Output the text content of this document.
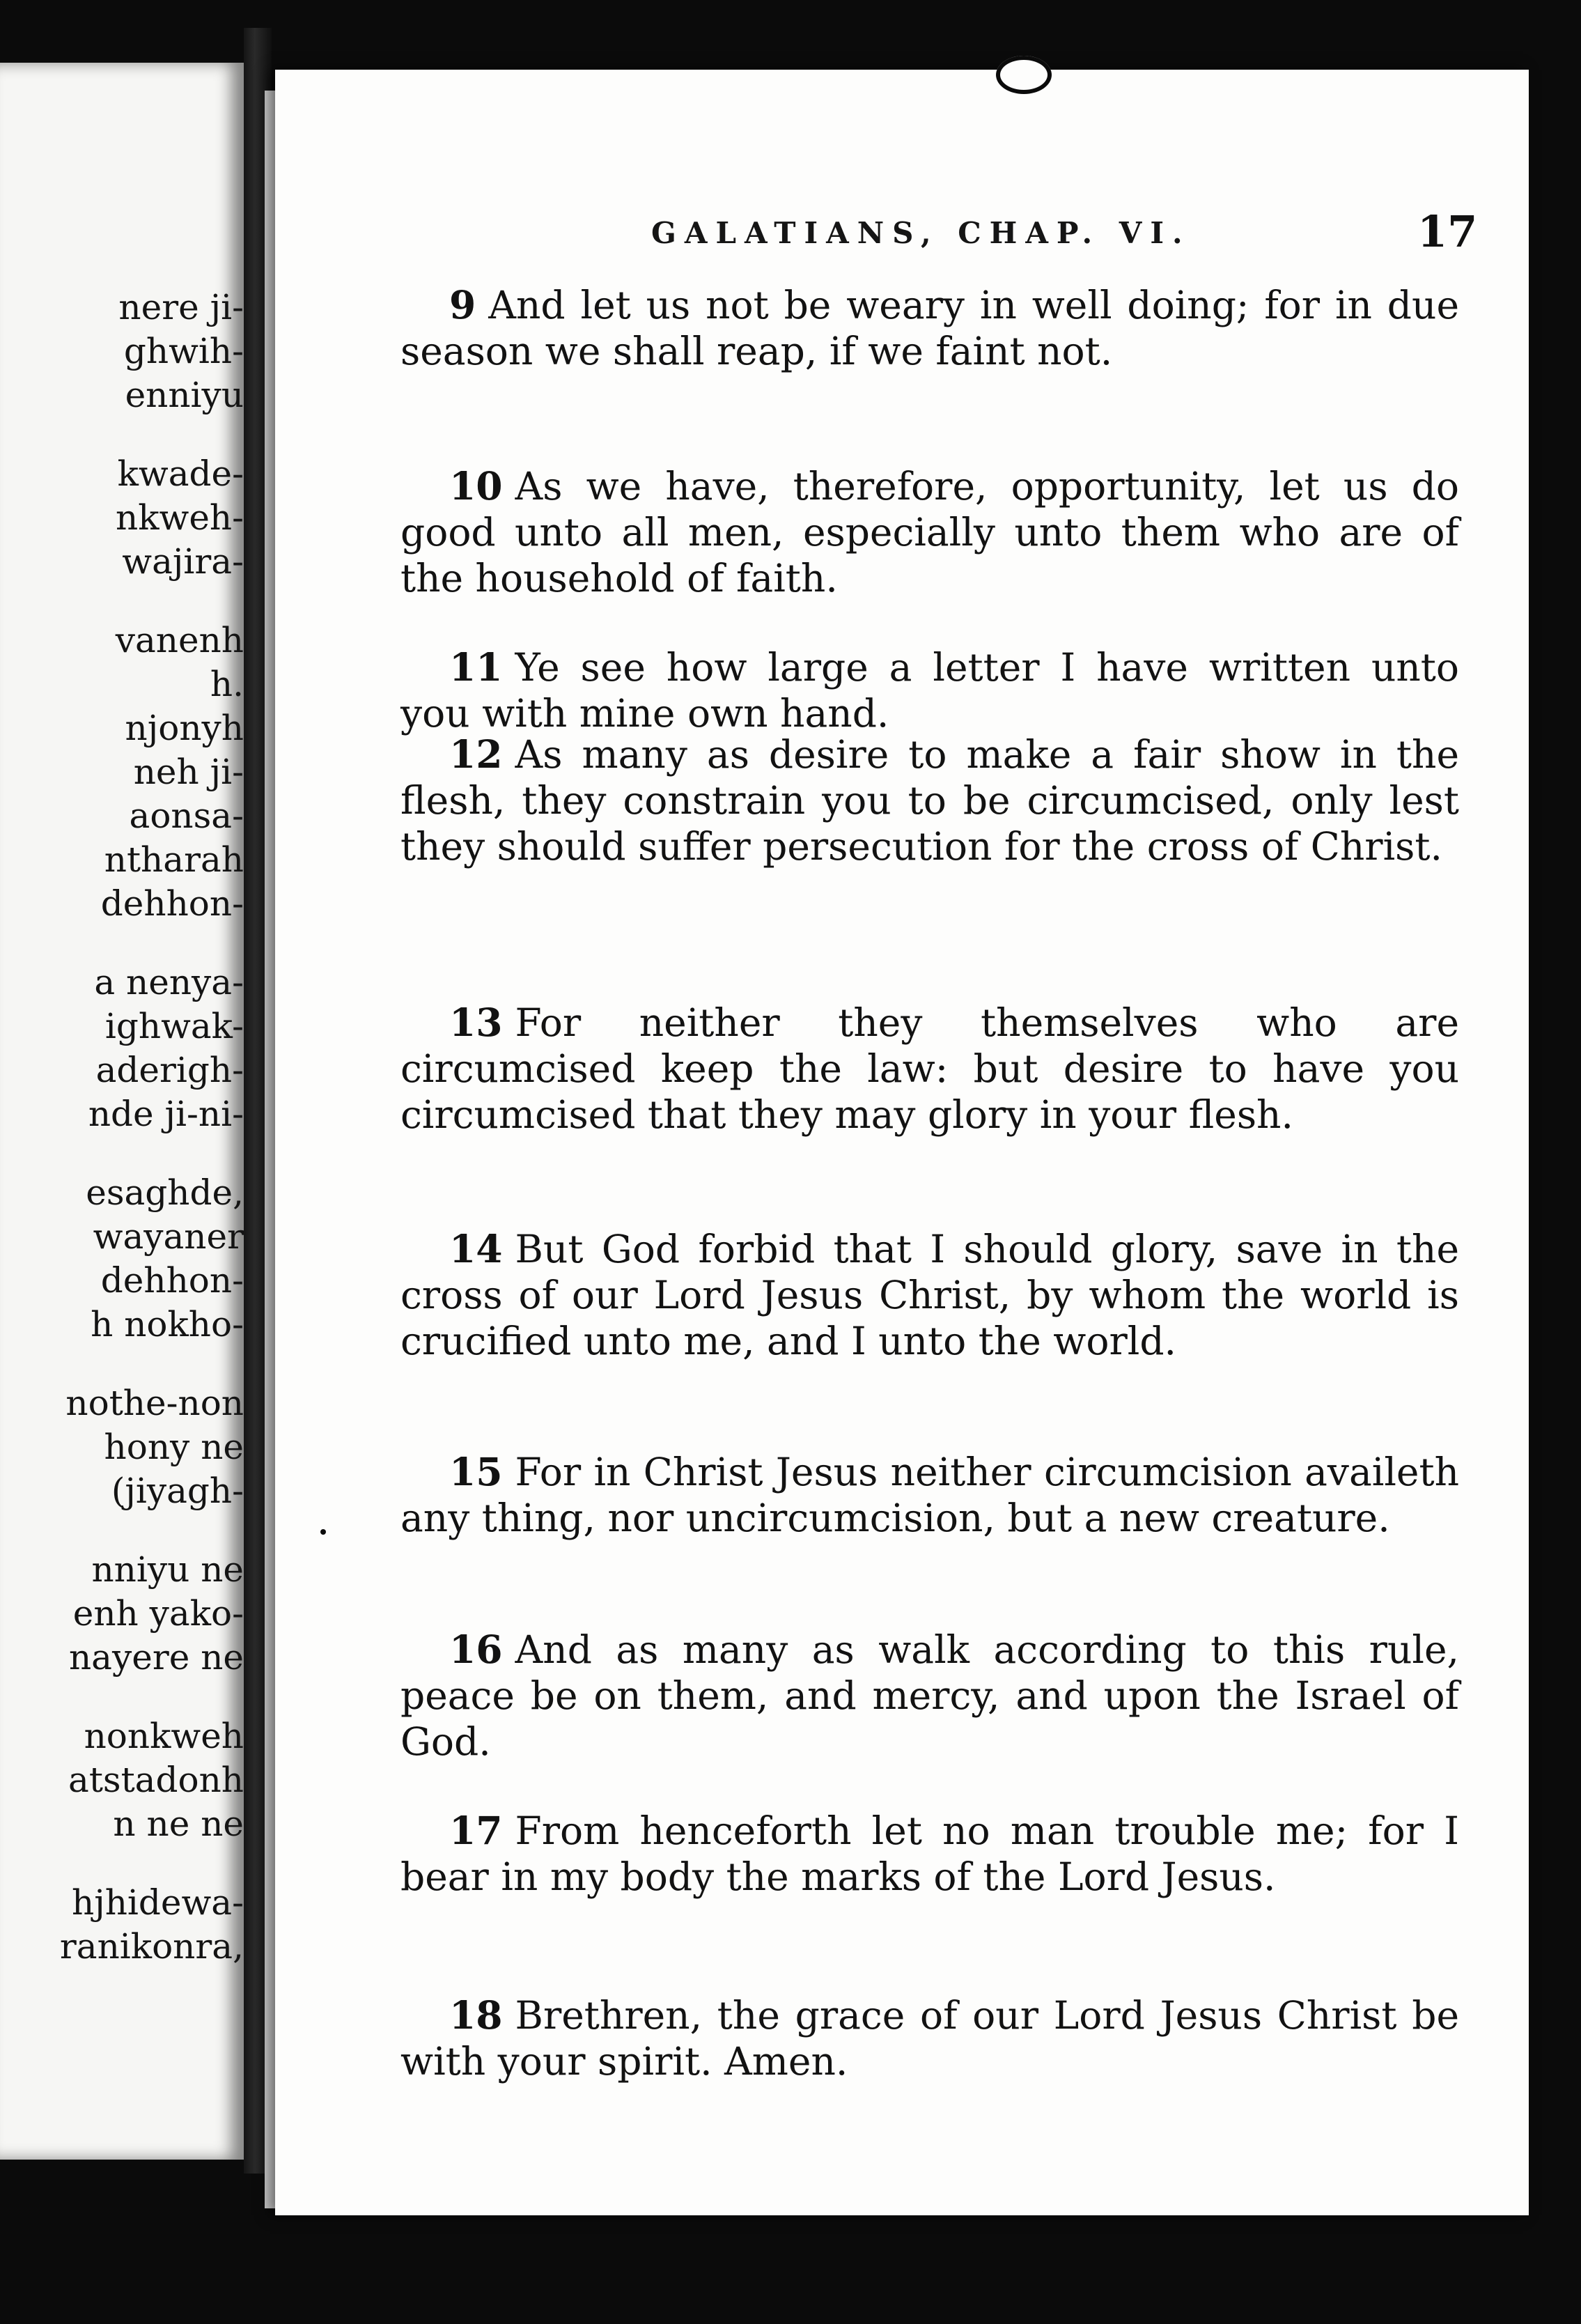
nere ji-
ghwih-
enniyu
kwade-
nkweh-
wajira-
vanenh
h.
njonyh
neh ji-
aonsa-
ntharah
dehhon-
a nenya-
ighwak-
aderigh-
nde ji-ni-
esaghde,
wayaner
dehhon-
h nokho-
nothe-non
hony ne
(jiyagh-
nniyu ne
enh yako-
nayere ne
nonkweh
atstadonh
n ne ne
hjhidewa-
ranikonra,
GALATIANS, CHAP. VI.	17
9 And let us not be weary in well doing; for in due season we shall reap, if we faint not.
10 As we have, therefore, opportunity, let us do good unto all men, especially unto them who are of the household of faith.
11 Ye see how large a letter I have written unto you with mine own hand.
12 As many as desire to make a fair show in the flesh, they constrain you to be circumcised, only lest they should suffer persecution for the cross of Christ.
13 For neither they themselves who are circumcised keep the law: but desire to have you circumcised that they may glory in your flesh.
14 But God forbid that I should glory, save in the cross of our Lord Jesus Christ, by whom the world is crucified unto me, and I unto the world.
15 For in Christ Jesus neither circumcision availeth any thing, nor uncircumcision, but a new creature.
16 And as many as walk according to this rule, peace be on them, and mercy, and upon the Israel of God.
17 From henceforth let no man trouble me; for I bear in my body the marks of the Lord Jesus.
18 Brethren, the grace of our Lord Jesus Christ be with your spirit. Amen.
